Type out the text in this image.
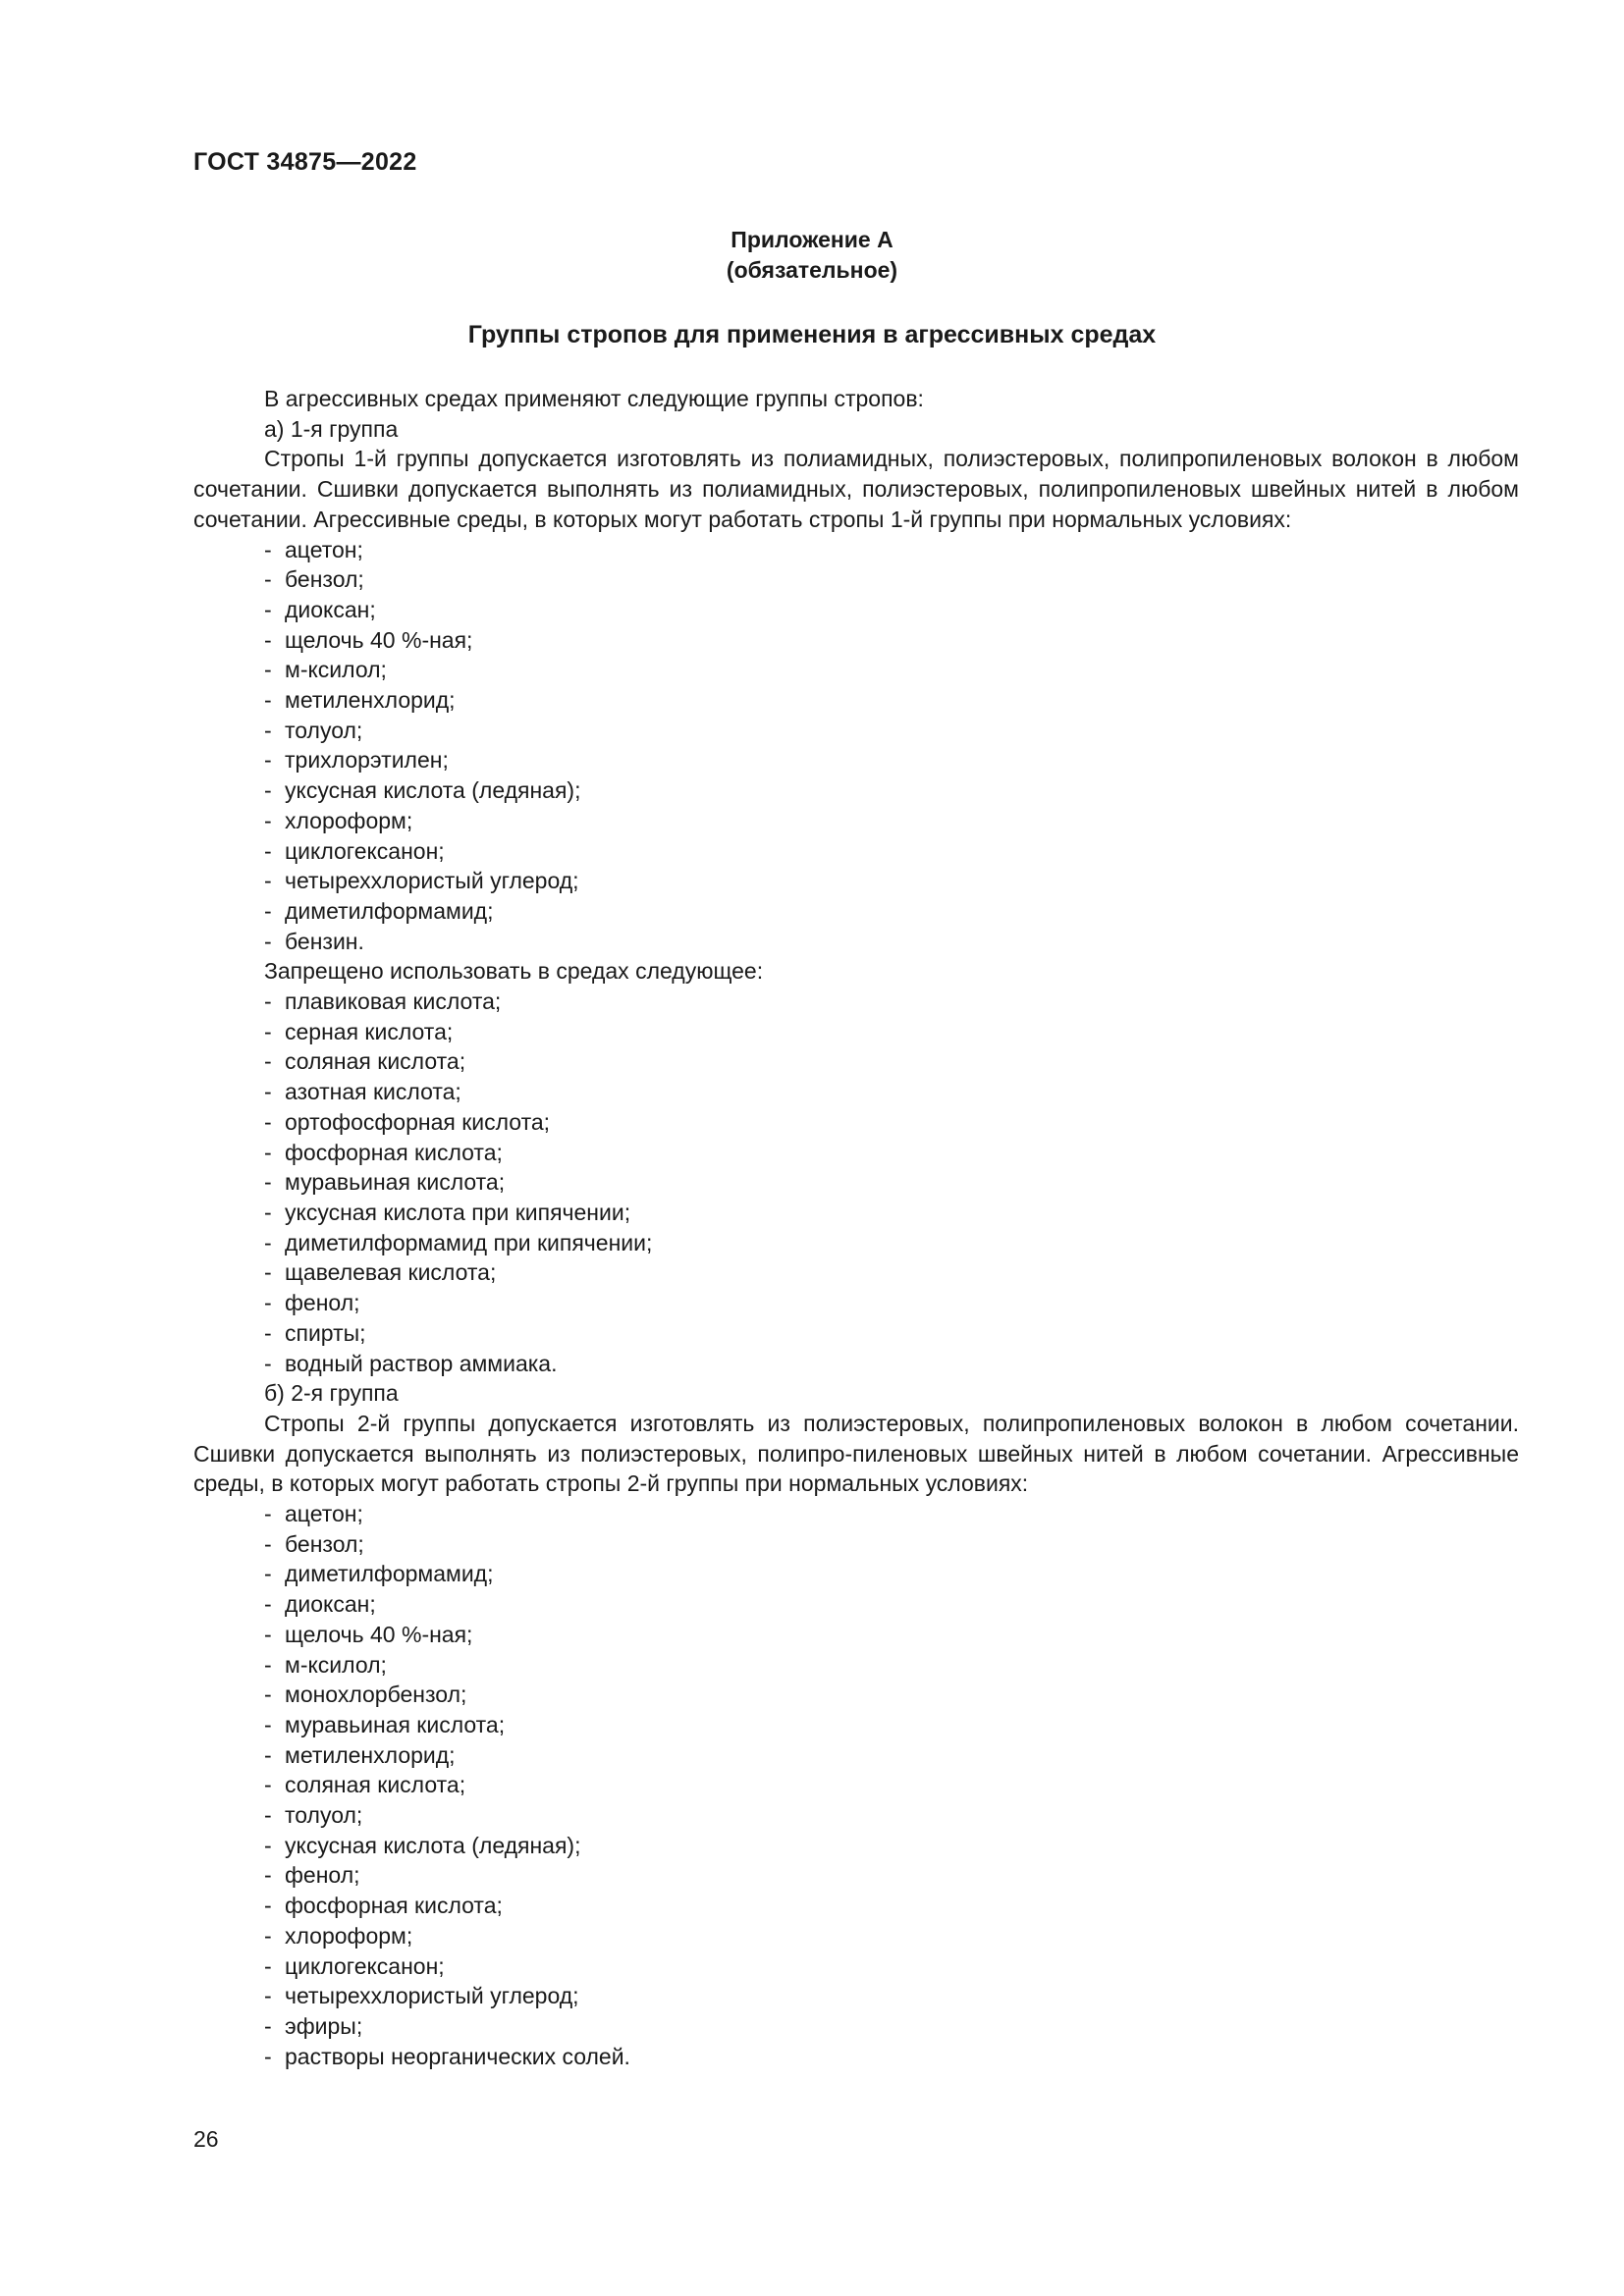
ГОСТ 34875—2022
Приложение А
(обязательное)
Группы стропов для применения в агрессивных средах

В агрессивных средах применяют следующие группы стропов:

а) 1-я группа

Стропы 1-й группы допускается изготовлять из полиамидных, полиэстеровых, полипропиленовых волокон в любом сочетании. Сшивки допускается выполнять из полиамидных, полиэстеровых, полипропиленовых швейных нитей в любом сочетании. Агрессивные среды, в которых могут работать стропы 1-й группы при нормальных условиях:

- ацетон;
- бензол;
- диоксан;
- щелочь 40 %-ная;
- м-ксилол;
- метиленхлорид;
- толуол;
- трихлорэтилен;
- уксусная кислота (ледяная);
- хлороформ;
- циклогексанон;
- четыреххлористый углерод;
- диметилформамид;
- бензин.

Запрещено использовать в средах следующее:

- плавиковая кислота;
- серная кислота;
- соляная кислота;
- азотная кислота;
- ортофосфорная кислота;
- фосфорная кислота;
- муравьиная кислота;
- уксусная кислота при кипячении;
- диметилформамид при кипячении;
- щавелевая кислота;
- фенол;
- спирты;
- водный раствор аммиака.

б) 2-я группа

Стропы 2-й группы допускается изготовлять из полиэстеровых, полипропиленовых волокон в любом сочетании. Сшивки допускается выполнять из полиэстеровых, полипро-пиленовых швейных нитей в любом сочетании. Агрессивные среды, в которых могут работать стропы 2-й группы при нормальных условиях:

- ацетон;
- бензол;
- диметилформамид;
- диоксан;
- щелочь 40 %-ная;
- м-ксилол;
- монохлорбензол;
- муравьиная кислота;
- метиленхлорид;
- соляная кислота;
- толуол;
- уксусная кислота (ледяная);
- фенол;
- фосфорная кислота;
- хлороформ;
- циклогексанон;
- четыреххлористый углерод;
- эфиры;
- растворы неорганических солей.
26
